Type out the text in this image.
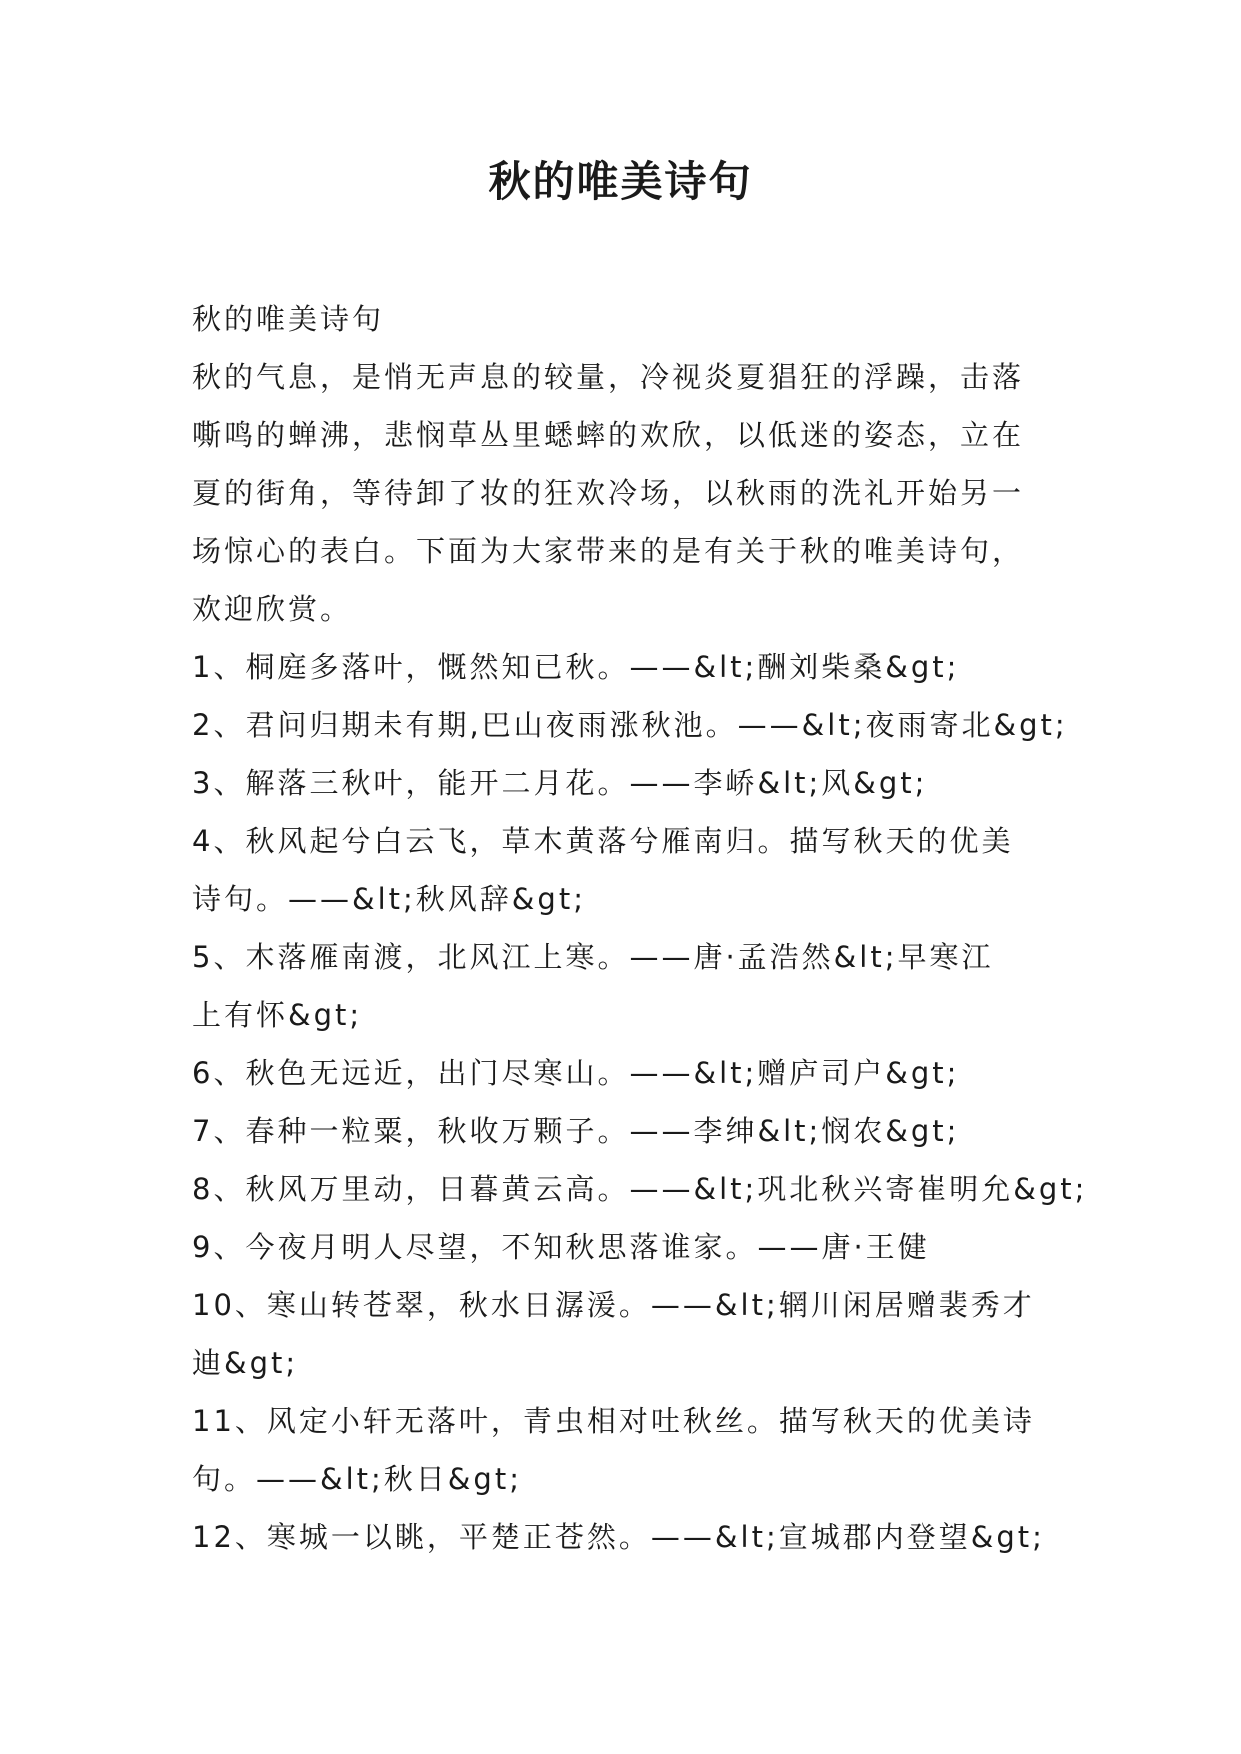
秋的唯美诗句
秋的唯美诗句
秋的气息，是悄无声息的较量，冷视炎夏猖狂的浮躁，击落
嘶鸣的蝉沸，悲悯草丛里蟋蟀的欢欣，以低迷的姿态，立在
夏的街角，等待卸了妆的狂欢冷场，以秋雨的洗礼开始另一
场惊心的表白。下面为大家带来的是有关于秋的唯美诗句，
欢迎欣赏。
1、桐庭多落叶，慨然知已秋。——&lt;酬刘柴桑&gt;
2、君问归期未有期,巴山夜雨涨秋池。——&lt;夜雨寄北&gt;
3、解落三秋叶，能开二月花。——李峤&lt;风&gt;
4、秋风起兮白云飞，草木黄落兮雁南归。描写秋天的优美
诗句。——&lt;秋风辞&gt;
5、木落雁南渡，北风江上寒。——唐·孟浩然&lt;早寒江
上有怀&gt;
6、秋色无远近，出门尽寒山。——&lt;赠庐司户&gt;
7、春种一粒粟，秋收万颗子。——李绅&lt;悯农&gt;
8、秋风万里动，日暮黄云高。——&lt;巩北秋兴寄崔明允&gt;
9、今夜月明人尽望，不知秋思落谁家。——唐·王健
10、寒山转苍翠，秋水日潺湲。——&lt;辋川闲居赠裴秀才
迪&gt;
11、风定小轩无落叶，青虫相对吐秋丝。描写秋天的优美诗
句。——&lt;秋日&gt;
12、寒城一以眺，平楚正苍然。——&lt;宣城郡内登望&gt;
